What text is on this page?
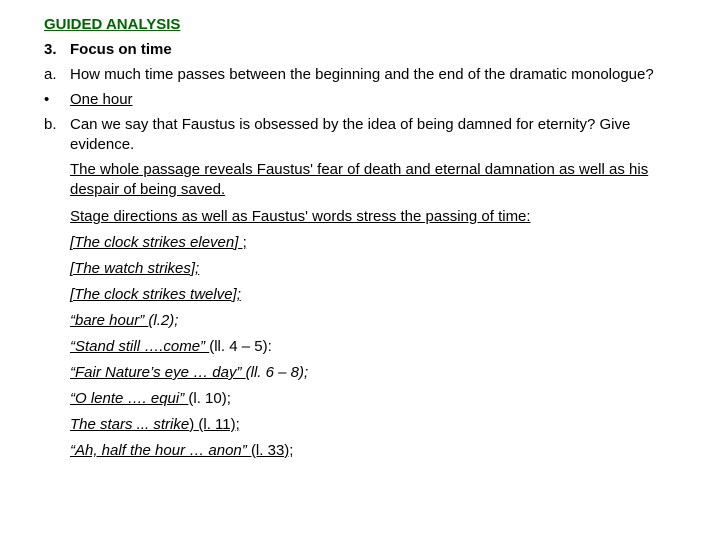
GUIDED ANALYSIS
3. Focus on time
a. How much time passes between the beginning and the end of the dramatic monologue?
• One hour
b. Can we say that Faustus is obsessed by the idea of being damned for eternity? Give
evidence.
The whole passage reveals Faustus' fear of death and eternal damnation as well as his
despair of being saved.
Stage directions as well as Faustus' words stress the passing of time:
[The clock strikes eleven] ;
[The watch strikes];
[The clock strikes twelve];
“bare hour” (l.2);
“Stand still ….come” (ll. 4 – 5):
“Fair Nature’s eye … day” (ll. 6 – 8);
“O lente …. equi” (l. 10);
The stars ... strike) (l. 11);
“Ah, half the hour … anon” (l. 33);
